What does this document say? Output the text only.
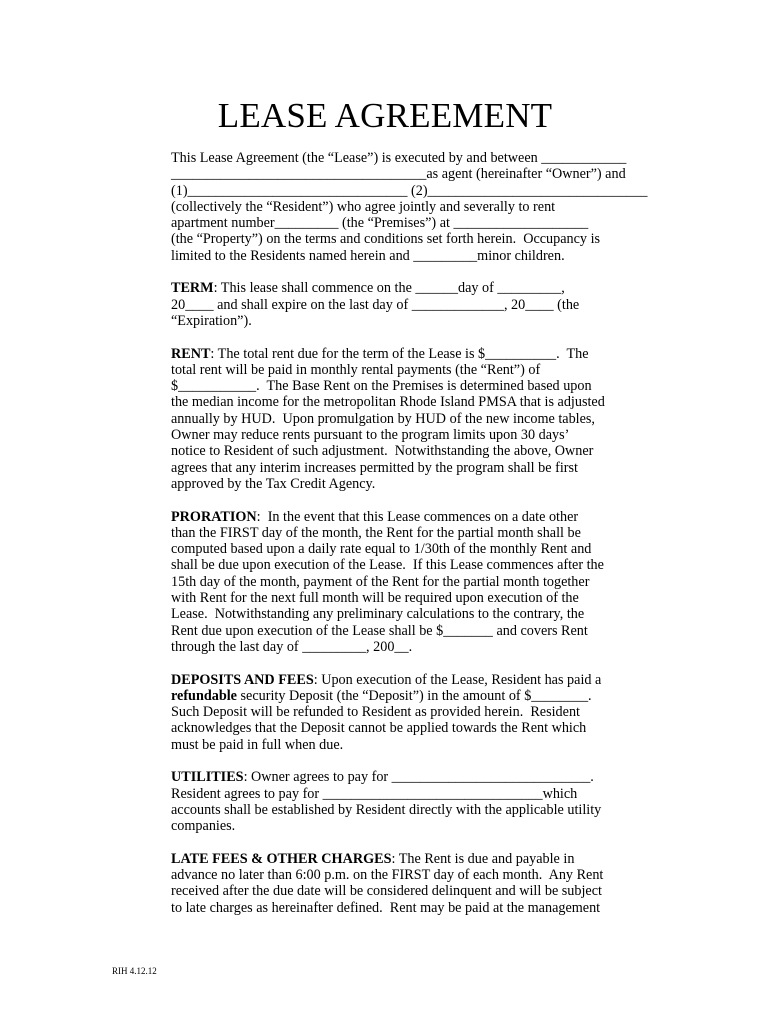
LEASE AGREEMENT
This Lease Agreement (the “Lease”) is executed by and between ____________
____________________________________as agent (hereinafter “Owner”) and
(1)_______________________________ (2)_______________________________
(collectively the “Resident”) who agree jointly and severally to rent
apartment number_________ (the “Premises”) at ___________________
(the “Property”) on the terms and conditions set forth herein.  Occupancy is
limited to the Residents named herein and _________minor children.
TERM: This lease shall commence on the ______day of _________,
20____ and shall expire on the last day of _____________, 20____ (the
“Expiration”).
RENT: The total rent due for the term of the Lease is $__________.  The
total rent will be paid in monthly rental payments (the “Rent”) of
$___________.  The Base Rent on the Premises is determined based upon
the median income for the metropolitan Rhode Island PMSA that is adjusted
annually by HUD.  Upon promulgation by HUD of the new income tables,
Owner may reduce rents pursuant to the program limits upon 30 days’
notice to Resident of such adjustment.  Notwithstanding the above, Owner
agrees that any interim increases permitted by the program shall be first
approved by the Tax Credit Agency.
PRORATION:  In the event that this Lease commences on a date other
than the FIRST day of the month, the Rent for the partial month shall be
computed based upon a daily rate equal to 1/30th of the monthly Rent and
shall be due upon execution of the Lease.  If this Lease commences after the
15th day of the month, payment of the Rent for the partial month together
with Rent for the next full month will be required upon execution of the
Lease.  Notwithstanding any preliminary calculations to the contrary, the
Rent due upon execution of the Lease shall be $_______ and covers Rent
through the last day of _________, 200__.
DEPOSITS AND FEES: Upon execution of the Lease, Resident has paid a
refundable security Deposit (the “Deposit”) in the amount of $________.
Such Deposit will be refunded to Resident as provided herein.  Resident
acknowledges that the Deposit cannot be applied towards the Rent which
must be paid in full when due.
UTILITIES: Owner agrees to pay for ____________________________.
Resident agrees to pay for _______________________________which
accounts shall be established by Resident directly with the applicable utility
companies.
LATE FEES & OTHER CHARGES: The Rent is due and payable in
advance no later than 6:00 p.m. on the FIRST day of each month.  Any Rent
received after the due date will be considered delinquent and will be subject
to late charges as hereinafter defined.  Rent may be paid at the management
RIH 4.12.12
